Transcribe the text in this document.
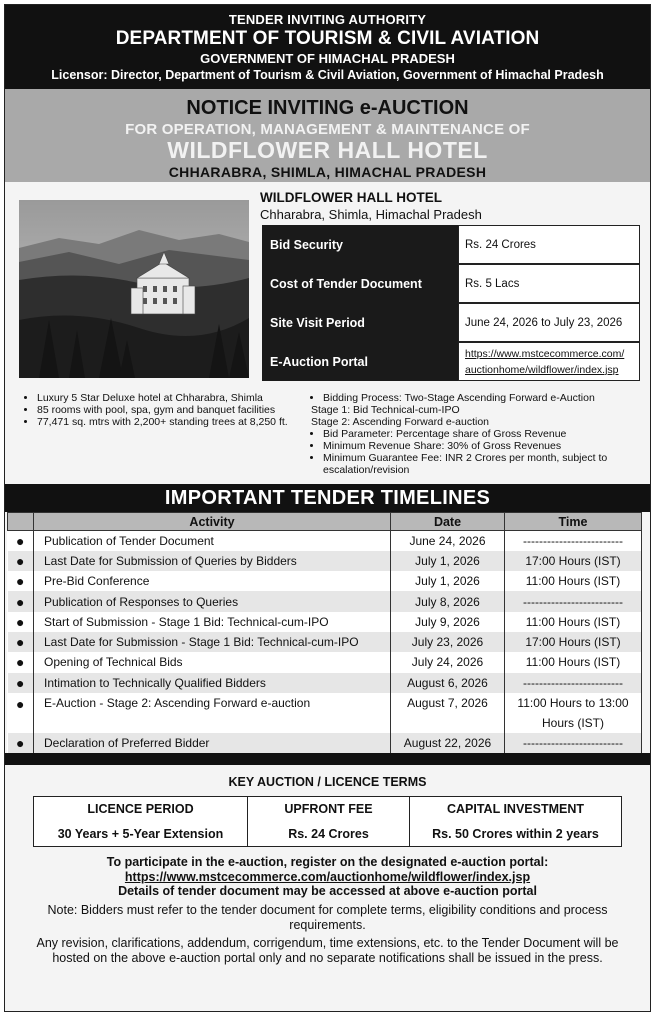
TENDER INVITING AUTHORITY
DEPARTMENT OF TOURISM & CIVIL AVIATION
GOVERNMENT OF HIMACHAL PRADESH
Licensor: Director, Department of Tourism & Civil Aviation, Government of Himachal Pradesh
NOTICE INVITING e-AUCTION
FOR OPERATION, MANAGEMENT & MAINTENANCE OF
WILDFLOWER HALL HOTEL
CHHARABRA, SHIMLA, HIMACHAL PRADESH
WILDFLOWER HALL HOTEL
Chharabra, Shimla, Himachal Pradesh
Bid Security	Rs. 24 Crores
Cost of Tender Document	Rs. 5 Lacs
Site Visit Period	June 24, 2026 to July 23, 2026
E-Auction Portal
https://www.mstcecommerce.com/
auctionhome/wildflower/index.jsp
• Luxury 5 Star Deluxe hotel at Chharabra, Shimla
• 85 rooms with pool, spa, gym and banquet facilities
• 77,471 sq. mtrs with 2,200+ standing trees at 8,250 ft.
• Bidding Process: Two-Stage Ascending Forward e-Auction
Stage 1: Bid Technical-cum-IPO
Stage 2: Ascending Forward e-auction
• Bid Parameter: Percentage share of Gross Revenue
• Minimum Revenue Share: 30% of Gross Revenues
• Minimum Guarantee Fee: INR 2 Crores per month, subject to escalation/revision
IMPORTANT TENDER TIMELINES
	Activity	Date	Time
●	Publication of Tender Document	June 24, 2026	-------------------------
●	Last Date for Submission of Queries by Bidders	July 1, 2026	17:00 Hours (IST)
●	Pre-Bid Conference	July 1, 2026	11:00 Hours (IST)
●	Publication of Responses to Queries	July 8, 2026	-------------------------
●	Start of Submission - Stage 1 Bid: Technical-cum-IPO	July 9, 2026	11:00 Hours (IST)
●	Last Date for Submission - Stage 1 Bid: Technical-cum-IPO	July 23, 2026	17:00 Hours (IST)
●	Opening of Technical Bids	July 24, 2026	11:00 Hours (IST)
●	Intimation to Technically Qualified Bidders	August 6, 2026	-------------------------
●	E-Auction - Stage 2: Ascending Forward e-auction	August 7, 2026	11:00 Hours to 13:00 Hours (IST)
●	Declaration of Preferred Bidder	August 22, 2026	-------------------------
KEY AUCTION / LICENCE TERMS
LICENCE PERIOD	UPFRONT FEE	CAPITAL INVESTMENT
30 Years + 5-Year Extension	Rs. 24 Crores	Rs. 50 Crores within 2 years
To participate in the e-auction, register on the designated e-auction portal:
https://www.mstcecommerce.com/auctionhome/wildflower/index.jsp
Details of tender document may be accessed at above e-auction portal
Note: Bidders must refer to the tender document for complete terms, eligibility conditions and process requirements.
Any revision, clarifications, addendum, corrigendum, time extensions, etc. to the Tender Document will be hosted on the above e-auction portal only and no separate notifications shall be issued in the press.
